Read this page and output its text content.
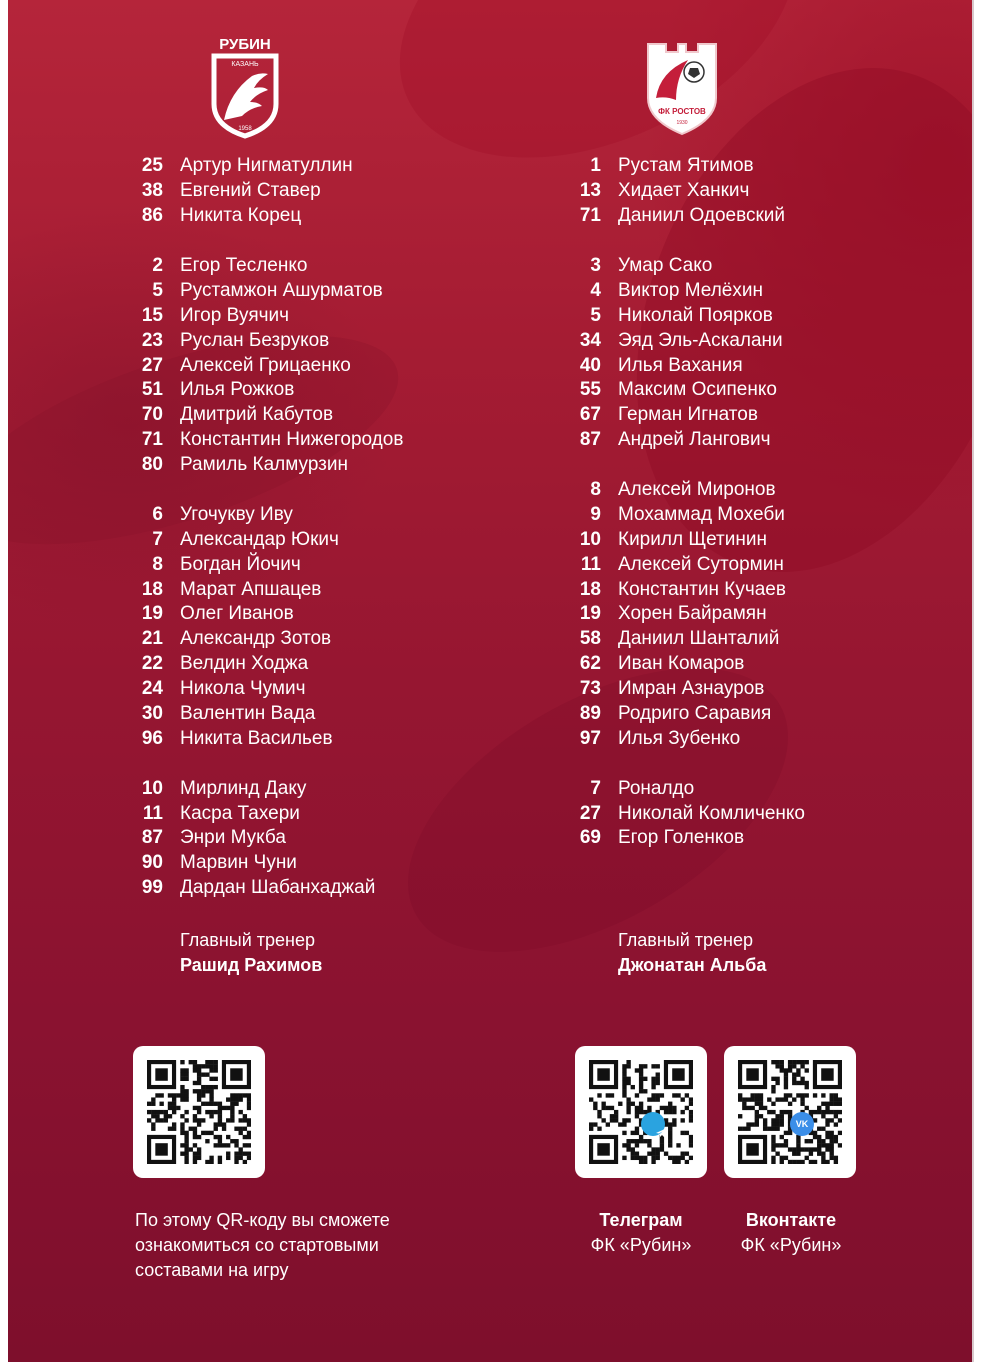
РУБИН
КАЗАНЬ
1958
ФК РОСТОВ
1930
25 Артур Нигматуллин
38 Евгений Ставер
86 Никита Корец
2 Егор Тесленко
5 Рустамжон Ашурматов
15 Игор Вуячич
23 Руслан Безруков
27 Алексей Грицаенко
51 Илья Рожков
70 Дмитрий Кабутов
71 Константин Нижегородов
80 Рамиль Калмурзин
6 Угочукву Иву
7 Александар Юкич
8 Богдан Йочич
18 Марат Апшацев
19 Олег Иванов
21 Александр Зотов
22 Велдин Ходжа
24 Никола Чумич
30 Валентин Вада
96 Никита Васильев
10 Мирлинд Даку
11 Касра Тахери
87 Энри Мукба
90 Марвин Чуни
99 Дардан Шабанхаджай
1 Рустам Ятимов
13 Хидает Ханкич
71 Даниил Одоевский
3 Умар Сако
4 Виктор Мелёхин
5 Николай Поярков
34 Эяд Эль-Аскалани
40 Илья Вахания
55 Максим Осипенко
67 Герман Игнатов
87 Андрей Лангович
8 Алексей Миронов
9 Мохаммад Мохеби
10 Кирилл Щетинин
11 Алексей Сутормин
18 Константин Кучаев
19 Хорен Байрамян
58 Даниил Шанталий
62 Иван Комаров
73 Имран Азнауров
89 Родриго Саравия
97 Илья Зубенко
7 Роналдо
27 Николай Комличенко
69 Егор Голенков
Главный тренер
Рашид Рахимов
Главный тренер
Джонатан Альба
По этому QR-коду вы сможете
ознакомиться со стартовыми
составами на игру
Телеграм
ФК «Рубин»
VK
Вконтакте
ФК «Рубин»
